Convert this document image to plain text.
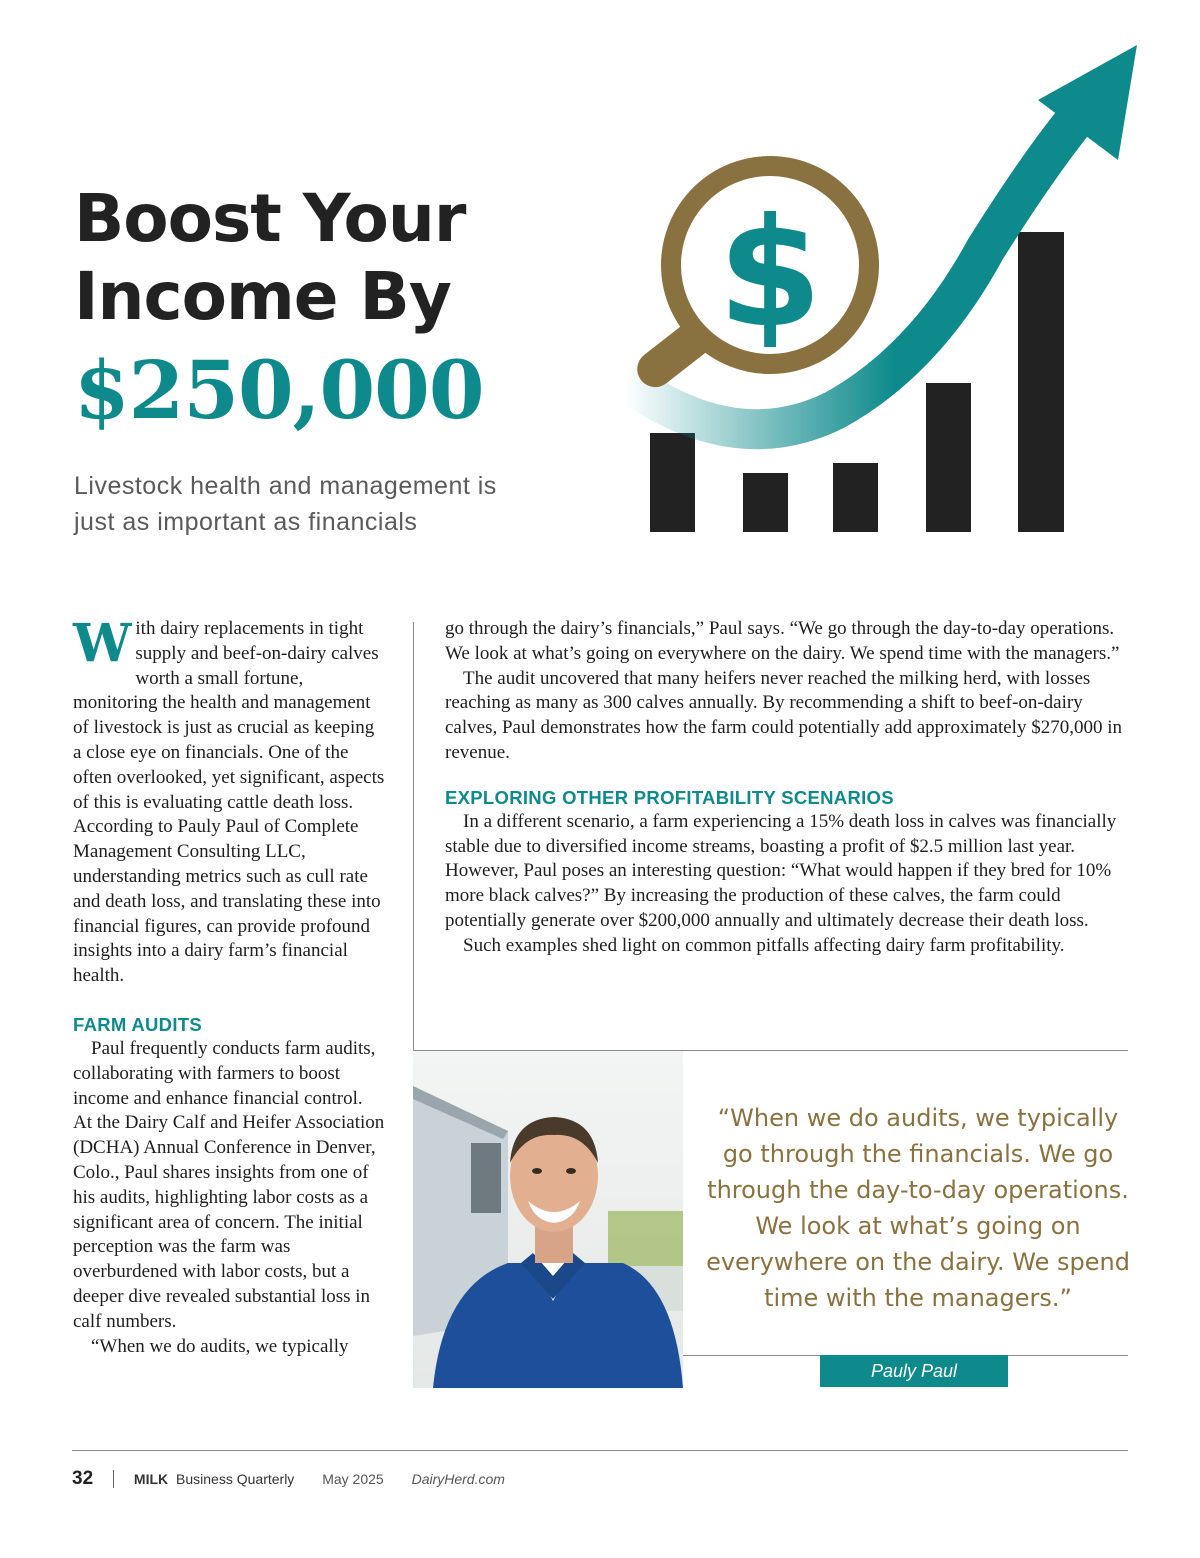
Boost Your
Income By
$250,000
Livestock health and management is just as important as financials
$

With dairy replacements in tight supply and beef-on-dairy calves worth a small fortune, monitoring the health and management of livestock is just as crucial as keeping a close eye on financials. One of the often overlooked, yet significant, aspects of this is evaluating cattle death loss. According to Pauly Paul of Complete Management Consulting LLC, understanding metrics such as cull rate and death loss, and translating these into financial figures, can provide profound insights into a dairy farm’s financial health.

FARM AUDITS

Paul frequently conducts farm audits, collaborating with farmers to boost income and enhance financial control. At the Dairy Calf and Heifer Association (DCHA) Annual Conference in Denver, Colo., Paul shares insights from one of his audits, highlighting labor costs as a significant area of concern. The initial perception was the farm was overburdened with labor costs, but a deeper dive revealed substantial loss in calf numbers.

“When we do audits, we typically

go through the dairy’s financials,” Paul says. “We go through the day-to-day operations. We look at what’s going on everywhere on the dairy. We spend time with the managers.”

The audit uncovered that many heifers never reached the milking herd, with losses reaching as many as 300 calves annually. By recommending a shift to beef-on-dairy calves, Paul demonstrates how the farm could potentially add approximately $270,000 in revenue.

EXPLORING OTHER PROFITABILITY SCENARIOS

In a different scenario, a farm experiencing a 15% death loss in calves was financially stable due to diversified income streams, boasting a profit of $2.5 million last year. However, Paul poses an interesting question: “What would happen if they bred for 10% more black calves?” By increasing the production of these calves, the farm could potentially generate over $200,000 annually and ultimately decrease their death loss.

Such examples shed light on common pitfalls affecting dairy farm profitability.

“When we do audits, we typically go through the financials. We go through the day-to-day operations. We look at what’s going on everywhere on the dairy. We spend time with the managers.”
Pauly Paul
32	MILK Business Quarterly May 2025 DairyHerd.com
